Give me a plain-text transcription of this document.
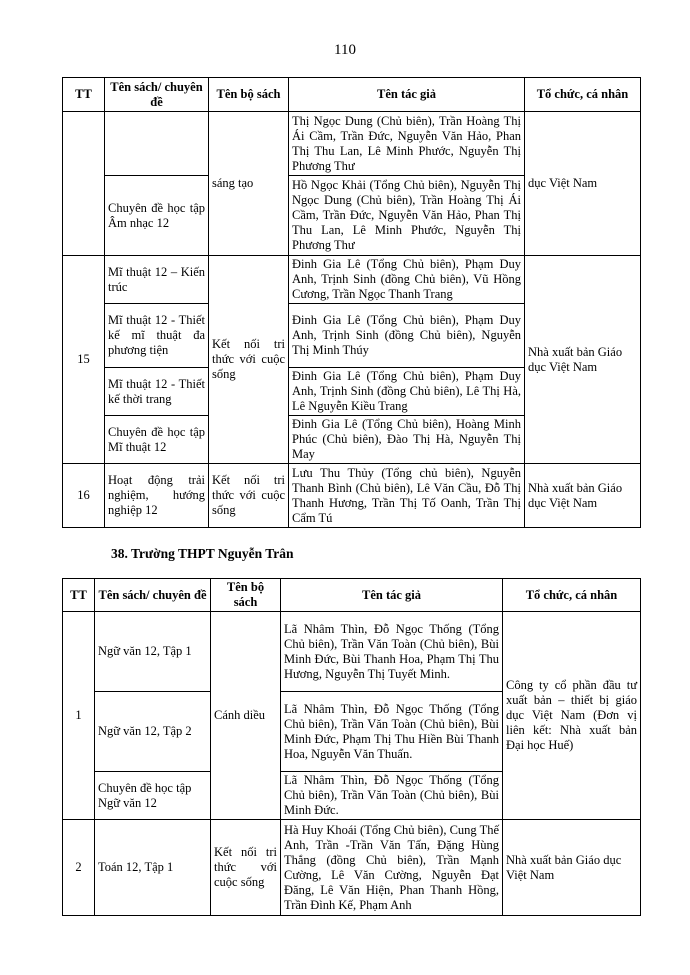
110
TT	Tên sách/ chuyên đề	Tên bộ sách	Tên tác giả	Tổ chức, cá nhân
		sáng tạo	Thị Ngọc Dung (Chủ biên), Trần Hoàng Thị Ái Cầm, Trần Đức, Nguyễn Văn Hảo, Phan Thị Thu Lan, Lê Minh Phước, Nguyễn Thị Phương Thư	dục Việt Nam
	Chuyên đề học tập Âm nhạc 12		Hồ Ngọc Khải (Tổng Chủ biên), Nguyễn Thị Ngọc Dung (Chủ biên), Trần Hoàng Thị Ái Cầm, Trần Đức, Nguyễn Văn Hảo, Phan Thị Thu Lan, Lê Minh Phước, Nguyễn Thị Phương Thư	
15	Mĩ thuật 12 – Kiến trúc	Kết nối tri thức với cuộc sống	Đinh Gia Lê (Tổng Chủ biên), Phạm Duy Anh, Trịnh Sinh (đồng Chủ biên), Vũ Hồng Cương, Trần Ngọc Thanh Trang	Nhà xuất bản Giáo dục Việt Nam
	Mĩ thuật 12 - Thiết kế mĩ thuật đa phương tiện		Đinh Gia Lê (Tổng Chủ biên), Phạm Duy Anh, Trịnh Sinh (đồng Chủ biên), Nguyễn Thị Minh Thúy	
	Mĩ thuật 12 - Thiết kế thời trang		Đinh Gia Lê (Tổng Chủ biên), Phạm Duy Anh, Trịnh Sinh (đồng Chủ biên), Lê Thị Hà, Lê Nguyễn Kiều Trang	
	Chuyên đề học tập Mĩ thuật 12		Đinh Gia Lê (Tổng Chủ biên), Hoàng Minh Phúc (Chủ biên), Đào Thị Hà, Nguyễn Thị May	
16	Hoạt động trải nghiệm, hướng nghiệp 12	Kết nối tri thức với cuộc sống	Lưu Thu Thủy (Tổng chủ biên), Nguyễn Thanh Bình (Chủ biên), Lê Văn Cầu, Đỗ Thị Thanh Hương, Trần Thị Tố Oanh, Trần Thị Cẩm Tú	Nhà xuất bản Giáo dục Việt Nam
38. Trường THPT Nguyễn Trân
TT	Tên sách/ chuyên đề	Tên bộ sách	Tên tác giả	Tổ chức, cá nhân
1	Ngữ văn 12, Tập 1	Cánh diều	Lã Nhâm Thìn, Đỗ Ngọc Thống (Tổng Chủ biên), Trần Văn Toàn (Chủ biên), Bùi Minh Đức, Bùi Thanh Hoa, Phạm Thị Thu Hương, Nguyễn Thị Tuyết Minh.	Công ty cổ phần đầu tư xuất bản – thiết bị giáo dục Việt Nam (Đơn vị liên kết: Nhà xuất bản Đại học Huế)
	Ngữ văn 12, Tập 2		Lã Nhâm Thìn, Đỗ Ngọc Thống (Tổng Chủ biên), Trần Văn Toàn (Chủ biên), Bùi Minh Đức, Phạm Thị Thu Hiền Bùi Thanh Hoa, Nguyễn Văn Thuấn.	
	Chuyên đề học tập Ngữ văn 12		Lã Nhâm Thìn, Đỗ Ngọc Thống (Tổng Chủ biên), Trần Văn Toàn (Chủ biên), Bùi Minh Đức.	
2	Toán 12, Tập 1	Kết nối tri thức với cuộc sống	Hà Huy Khoái (Tổng Chủ biên), Cung Thế Anh, Trần -Trần Văn Tấn, Đặng Hùng Thắng (đồng Chủ biên), Trần Mạnh Cường, Lê Văn Cường, Nguyễn Đạt Đăng, Lê Văn Hiện, Phan Thanh Hồng, Trần Đình Kế, Phạm Anh	Nhà xuất bản Giáo dục Việt Nam
